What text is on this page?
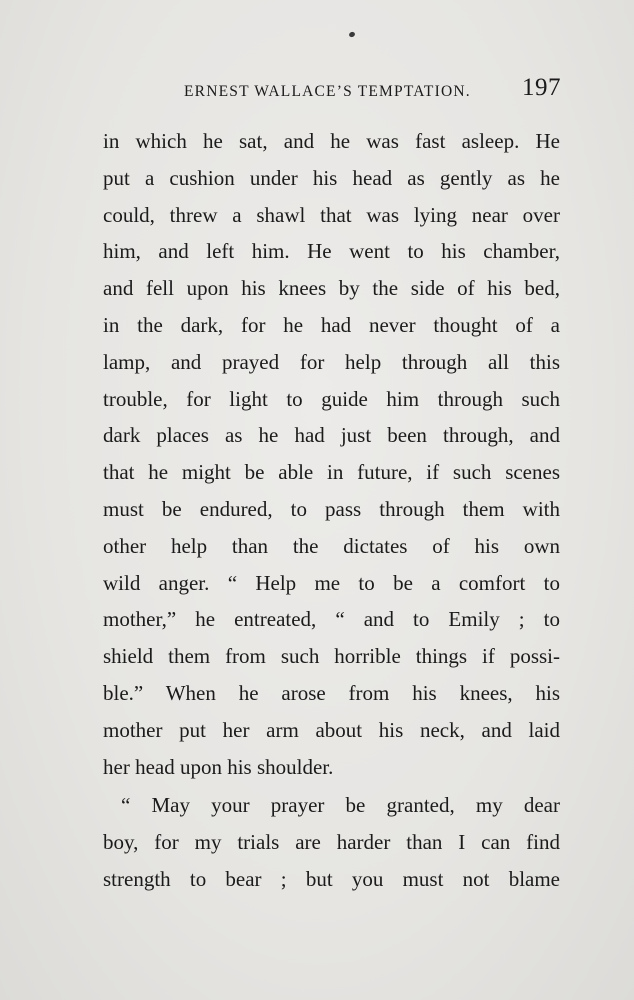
ERNEST WALLACE’S TEMPTATION. 197
in which he sat, and he was fast asleep. He
put a cushion under his head as gently as he
could, threw a shawl that was lying near over
him, and left him. He went to his chamber,
and fell upon his knees by the side of his bed,
in the dark, for he had never thought of a
lamp, and prayed for help through all this
trouble, for light to guide him through such
dark places as he had just been through, and
that he might be able in future, if such scenes
must be endured, to pass through them with
other help than the dictates of his own
wild anger. “ Help me to be a comfort to
mother,” he entreated, “ and to Emily ; to
shield them from such horrible things if possi-
ble.” When he arose from his knees, his
mother put her arm about his neck, and laid
her head upon his shoulder.
“ May your prayer be granted, my dear
boy, for my trials are harder than I can find
strength to bear ; but you must not blame
